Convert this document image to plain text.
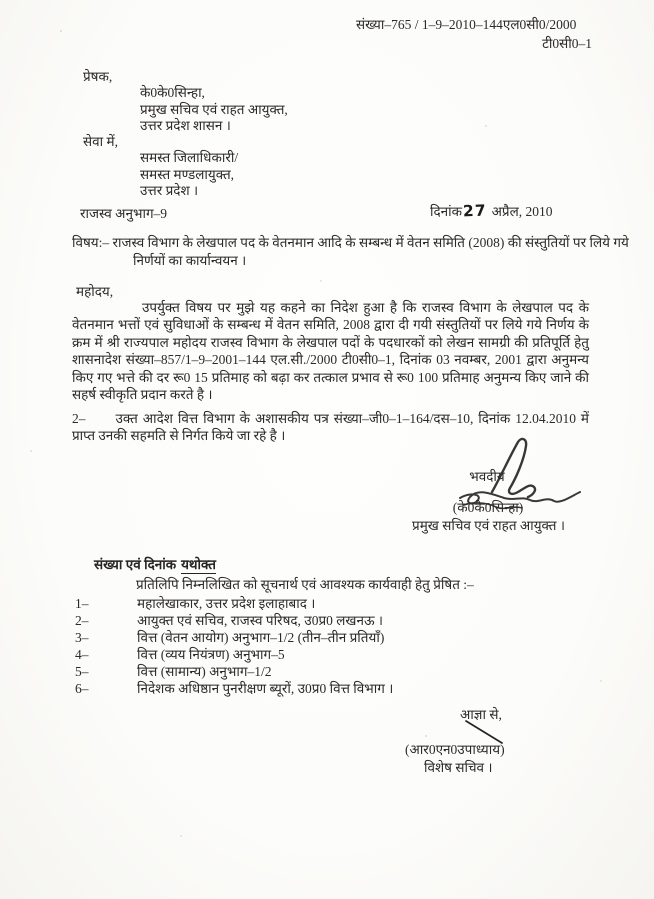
संख्या–765 / 1–9–2010–144एल0सी0/2000
टी0सी0–1
प्रेषक,
के0के0सिन्हा,
प्रमुख सचिव एवं राहत आयुक्त,
उत्तर प्रदेश शासन ।
सेवा में,
समस्त जिलाधिकारी/
समस्त मण्डलायुक्त,
उत्तर प्रदेश ।
राजस्व अनुभाग–9	दिनांक27 अप्रैल, 2010
विषय:– राजस्व विभाग के लेखपाल पद के वेतनमान आदि के सम्बन्ध में वेतन समिति (2008) की संस्तुतियों पर लिये गये निर्णयों का कार्यान्वयन ।
महोदय,
उपर्युक्त विषय पर मुझे यह कहने का निदेश हुआ है कि राजस्व विभाग के लेखपाल पद के वेतनमान भत्तों एवं सुविधाओं के सम्बन्ध में वेतन समिति, 2008 द्वारा दी गयी संस्तुतियों पर लिये गये निर्णय के क्रम में श्री राज्यपाल महोदय राजस्व विभाग के लेखपाल पदों के पदधारकों को लेखन सामग्री की प्रतिपूर्ति हेतु शासनादेश संख्या–857/1–9–2001–144 एल.सी./2000 टी0सी0–1, दिनांक 03 नवम्बर, 2001 द्वारा अनुमन्य किए गए भत्ते की दर रू0 15 प्रतिमाह को बढ़ा कर तत्काल प्रभाव से रू0 100 प्रतिमाह अनुमन्य किए जाने की सहर्ष स्वीकृति प्रदान करते है ।
2– उक्त आदेश वित्त विभाग के अशासकीय पत्र संख्या–जी0–1–164/दस–10, दिनांक 12.04.2010 में प्राप्त उनकी सहमति से निर्गत किये जा रहे है ।
भवदीय
(के0के0सिन्हा)
प्रमुख सचिव एवं राहत आयुक्त ।
संख्या एवं दिनांक यथोक्त
प्रतिलिपि निम्नलिखित को सूचनार्थ एवं आवश्यक कार्यवाही हेतु प्रेषित :–
1–	महालेखाकार, उत्तर प्रदेश इलाहाबाद ।
2–	आयुक्त एवं सचिव, राजस्व परिषद, उ0प्र0 लखनऊ ।
3–	वित्त (वेतन आयोग) अनुभाग–1/2 (तीन–तीन प्रतियाँ)
4–	वित्त (व्यय नियंत्रण) अनुभाग–5
5–	वित्त (सामान्य) अनुभाग–1/2
6–	निदेशक अधिष्ठान पुनरीक्षण ब्यूरों, उ0प्र0 वित्त विभाग ।
आज्ञा से,
(आर0एन0उपाध्याय)
विशेष सचिव ।
